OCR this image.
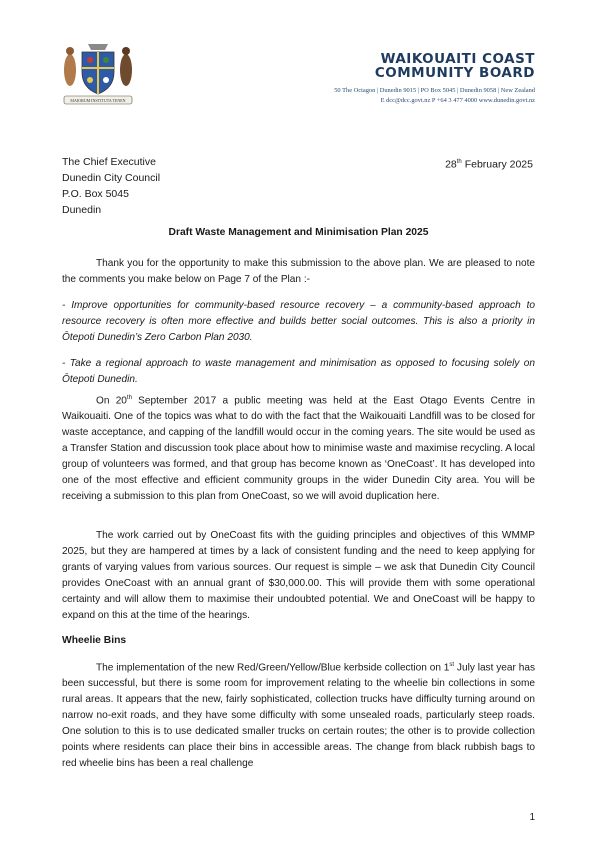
MAIORUM INSTITUTA TENEN
WAIKOUAITI COAST
COMMUNITY BOARD
50 The Octagon | Dunedin 9015 | PO Box 5045 | Dunedin 9058 | New Zealand
E dcc@dcc.govt.nz P +64 3 477 4000 www.dunedin.govt.nz
The Chief Executive
Dunedin City Council
P.O. Box 5045
Dunedin
28th February 2025
Draft Waste Management and Minimisation Plan 2025

Thank you for the opportunity to make this submission to the above plan. We are pleased to note the comments you make below on Page 7 of the Plan :-

- Improve opportunities for community-based resource recovery – a community-based approach to resource recovery is often more effective and builds better social outcomes. This is also a priority in Ōtepoti Dunedin’s Zero Carbon Plan 2030.

- Take a regional approach to waste management and minimisation as opposed to focusing solely on Ōtepoti Dunedin.

On 20th September 2017 a public meeting was held at the East Otago Events Centre in Waikouaiti. One of the topics was what to do with the fact that the Waikouaiti Landfill was to be closed for waste acceptance, and capping of the landfill would occur in the coming years. The site would be used as a Transfer Station and discussion took place about how to minimise waste and maximise recycling. A local group of volunteers was formed, and that group has become known as ‘OneCoast’. It has developed into one of the most effective and efficient community groups in the wider Dunedin City area. You will be receiving a submission to this plan from OneCoast, so we will avoid duplication here.

The work carried out by OneCoast fits with the guiding principles and objectives of this WMMP 2025, but they are hampered at times by a lack of consistent funding and the need to keep applying for grants of varying values from various sources. Our request is simple – we ask that Dunedin City Council provides OneCoast with an annual grant of $30,000.00. This will provide them with some operational certainty and will allow them to maximise their undoubted potential. We and OneCoast will be happy to expand on this at the time of the hearings.

Wheelie Bins

The implementation of the new Red/Green/Yellow/Blue kerbside collection on 1st July last year has been successful, but there is some room for improvement relating to the wheelie bin collections in some rural areas. It appears that the new, fairly sophisticated, collection trucks have difficulty turning around on narrow no-exit roads, and they have some difficulty with some unsealed roads, particularly steep roads. One solution to this is to use dedicated smaller trucks on certain routes; the other is to provide collection points where residents can place their bins in accessible areas. The change from black rubbish bags to red wheelie bins has been a real challenge

1
